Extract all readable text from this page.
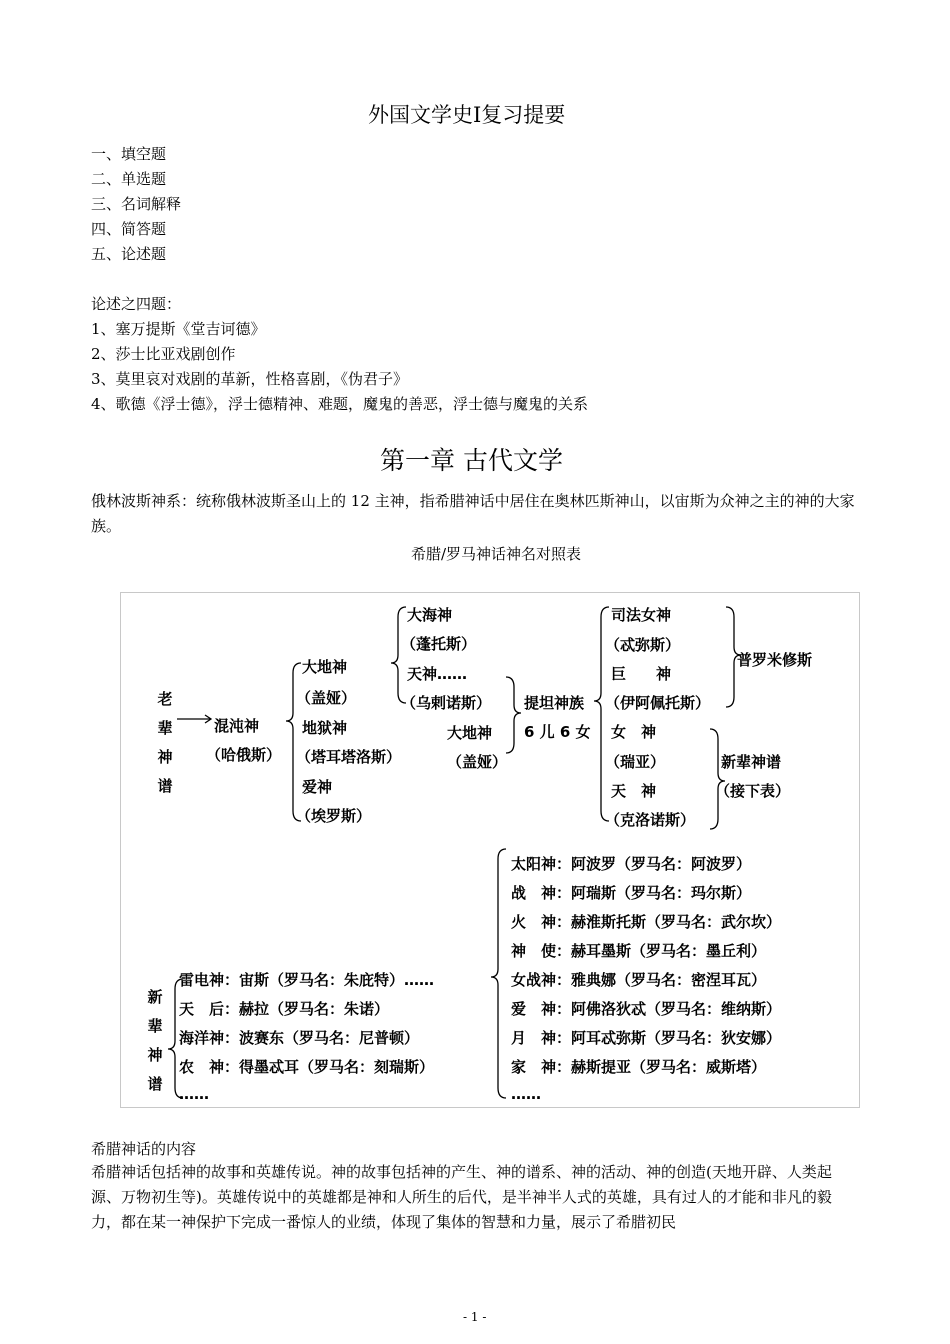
外国文学史Ⅰ复习提要
一、填空题
二、单选题
三、名词解释
四、简答题
五、论述题
论述之四题：
1、塞万提斯《堂吉诃德》
2、莎士比亚戏剧创作
3、莫里哀对戏剧的革新，性格喜剧，《伪君子》
4、歌德《浮士德》，浮士德精神、难题，魔鬼的善恶，浮士德与魔鬼的关系
第一章 古代文学
俄林波斯神系：统称俄林波斯圣山上的 12 主神，指希腊神话中居住在奥林匹斯神山，以宙斯为众神之主的神的大家族。
希腊/罗马神话神名对照表
老辈神谱
混沌神
（哈俄斯）
大地神
（盖娅）
地狱神
（塔耳塔洛斯）
爱神
（埃罗斯）
大海神
（蓬托斯）
天神……
（乌剌诺斯）
大地神
（盖娅）
提坦神族
6 儿 6 女
司法女神
（忒弥斯）
巨　　神
（伊阿佩托斯）
女　神
（瑞亚）
天　神
（克洛诺斯）
普罗米修斯
新辈神谱
（接下表）
新辈神谱
雷电神：宙斯（罗马名：朱庇特）……
天　后：赫拉（罗马名：朱诺）
海洋神：波赛东（罗马名：尼普顿）
农　神：得墨忒耳（罗马名：刻瑞斯）
……
太阳神：阿波罗（罗马名：阿波罗）
战　神：阿瑞斯（罗马名：玛尔斯）
火　神：赫淮斯托斯（罗马名：武尔坎）
神　使：赫耳墨斯（罗马名：墨丘利）
女战神：雅典娜（罗马名：密涅耳瓦）
爱　神：阿佛洛狄忒（罗马名：维纳斯）
月　神：阿耳忒弥斯（罗马名：狄安娜）
家　神：赫斯提亚（罗马名：威斯塔）
……
希腊神话的内容
希腊神话包括神的故事和英雄传说。神的故事包括神的产生、神的谱系、神的活动、神的创造(天地开辟、人类起源、万物初生等)。英雄传说中的英雄都是神和人所生的后代，是半神半人式的英雄，具有过人的才能和非凡的毅力，都在某一神保护下完成一番惊人的业绩，体现了集体的智慧和力量，展示了希腊初民
- 1 -
